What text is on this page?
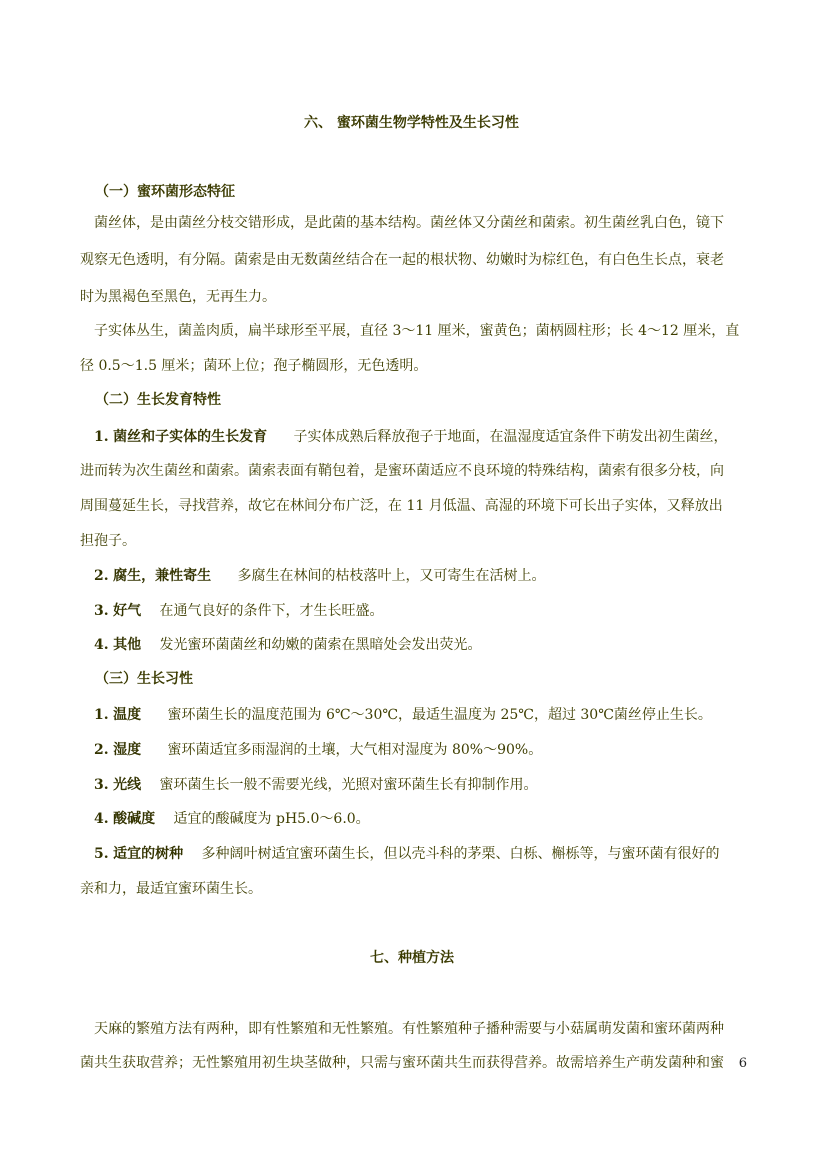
六、 蜜环菌生物学特性及生长习性
（一）蜜环菌形态特征
菌丝体，是由菌丝分枝交错形成，是此菌的基本结构。菌丝体又分菌丝和菌索。初生菌丝乳白色，镜下
观察无色透明，有分隔。菌索是由无数菌丝结合在一起的根状物、幼嫩时为棕红色，有白色生长点，衰老
时为黑褐色至黑色，无再生力。
子实体丛生，菌盖肉质，扁半球形至平展，直径 3～11 厘米，蜜黄色；菌柄圆柱形；长 4～12 厘米，直
径 0.5～1.5 厘米；菌环上位；孢子椭圆形，无色透明。
（二）生长发育特性
1. 菌丝和子实体的生长发育 子实体成熟后释放孢子于地面，在温湿度适宜条件下萌发出初生菌丝，
进而转为次生菌丝和菌索。菌索表面有鞘包着，是蜜环菌适应不良环境的特殊结构，菌索有很多分枝，向
周围蔓延生长，寻找营养，故它在林间分布广泛，在 11 月低温、高湿的环境下可长出子实体，又释放出
担孢子。
2. 腐生，兼性寄生 多腐生在林间的枯枝落叶上，又可寄生在活树上。
3. 好气 在通气良好的条件下，才生长旺盛。
4. 其他 发光蜜环菌菌丝和幼嫩的菌索在黑暗处会发出荧光。
（三）生长习性
1. 温度 蜜环菌生长的温度范围为 6℃～30℃，最适生温度为 25℃，超过 30℃菌丝停止生长。
2. 湿度 蜜环菌适宜多雨湿润的土壤，大气相对湿度为 80%～90%。
3. 光线 蜜环菌生长一般不需要光线，光照对蜜环菌生长有抑制作用。
4. 酸碱度 适宜的酸碱度为 pH5.0～6.0。
5. 适宜的树种 多种阔叶树适宜蜜环菌生长，但以壳斗科的茅栗、白栎、槲栎等，与蜜环菌有很好的
亲和力，最适宜蜜环菌生长。
七、种植方法
天麻的繁殖方法有两种，即有性繁殖和无性繁殖。有性繁殖种子播种需要与小菇属萌发菌和蜜环菌两种
菌共生获取营养；无性繁殖用初生块茎做种，只需与蜜环菌共生而获得营养。故需培养生产萌发菌种和蜜 6
